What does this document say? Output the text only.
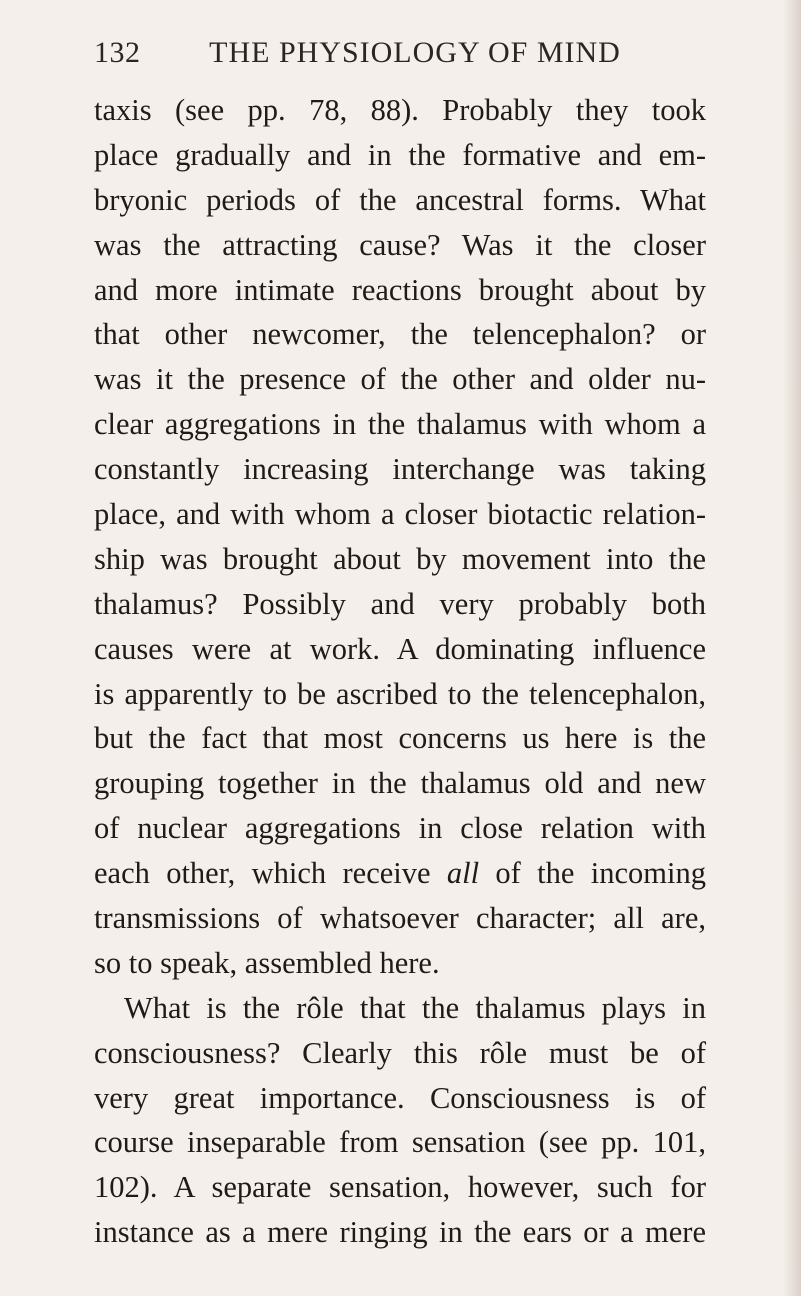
132	THE PHYSIOLOGY OF MIND
taxis (see pp. 78, 88). Probably they took
place gradually and in the formative and em-
bryonic periods of the ancestral forms. What
was the attracting cause? Was it the closer
and more intimate reactions brought about by
that other newcomer, the telencephalon? or
was it the presence of the other and older nu-
clear aggregations in the thalamus with whom a
constantly increasing interchange was taking
place, and with whom a closer biotactic relation-
ship was brought about by movement into the
thalamus? Possibly and very probably both
causes were at work. A dominating influence
is apparently to be ascribed to the telencephalon,
but the fact that most concerns us here is the
grouping together in the thalamus old and new
of nuclear aggregations in close relation with
each other, which receive all of the incoming
transmissions of whatsoever character; all are,
so to speak, assembled here.
What is the rôle that the thalamus plays in
consciousness? Clearly this rôle must be of
very great importance. Consciousness is of
course inseparable from sensation (see pp. 101,
102). A separate sensation, however, such for
instance as a mere ringing in the ears or a mere
